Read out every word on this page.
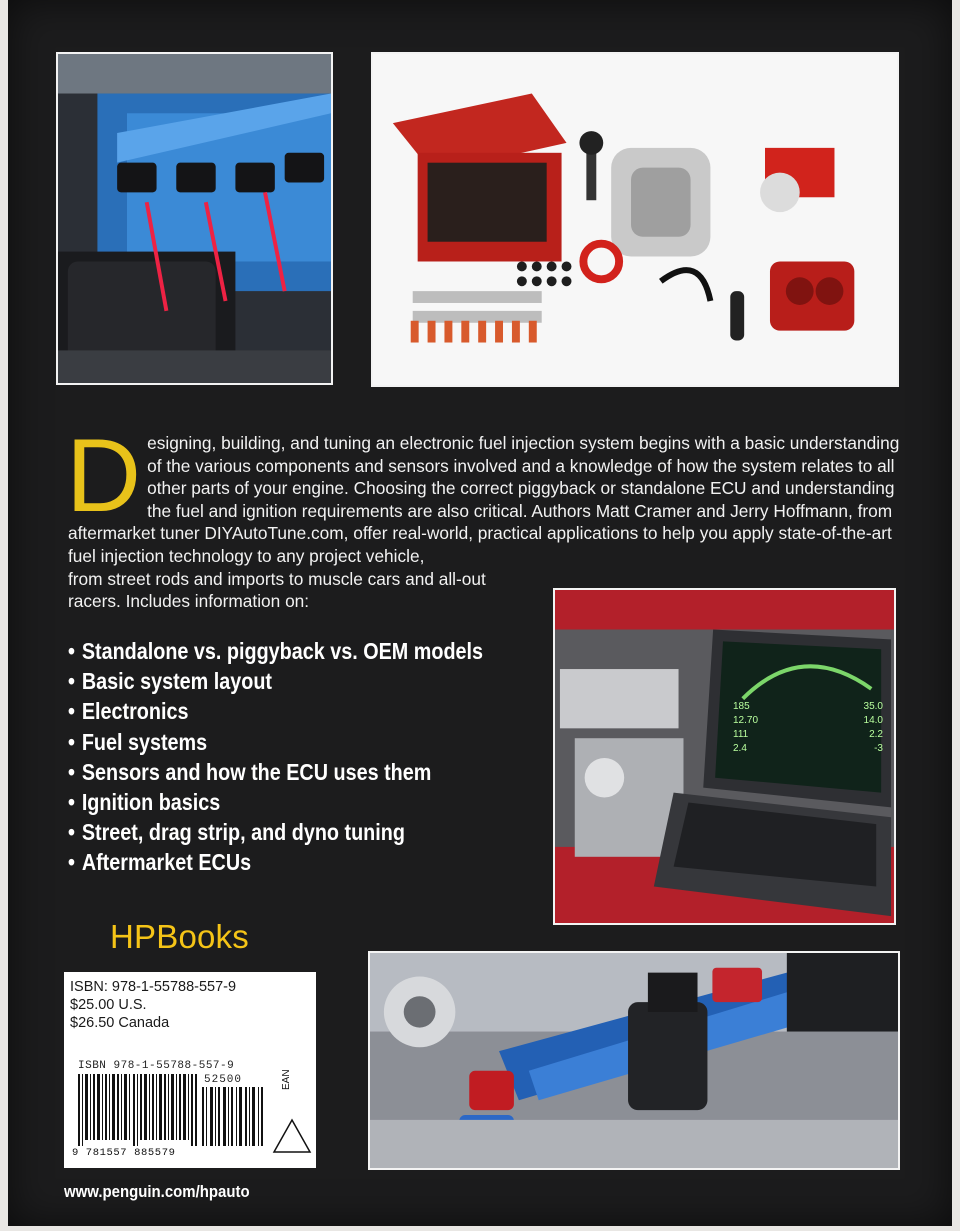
185	35.0
12.70	14.0
111	2.2
2.4	-3
D esigning, building, and tuning an electronic fuel injection system begins with a basic understanding of the various components and sensors involved and a knowledge of how the system relates to all other parts of your engine. Choosing the correct piggyback or standalone ECU and understanding the fuel and ignition requirements are also critical. Authors Matt Cramer and Jerry Hoffmann, from aftermarket tuner DIYAutoTune.com, offer real-world, practical applications to help you apply state-of-the-art fuel injection technology to any project vehicle,
from street rods and imports to muscle cars and all-out
racers. Includes information on:

• Standalone vs. piggyback vs. OEM models
• Basic system layout
• Electronics
• Fuel systems
• Sensors and how the ECU uses them
• Ignition basics
• Street, drag strip, and dyno tuning
• Aftermarket ECUs
HPBooks
ISBN: 978-1-55788-557-9
$25.00 U.S.
$26.50 Canada
ISBN 978-1-55788-557-9
52500
9 781557 885579
EAN
www.penguin.com/hpauto
